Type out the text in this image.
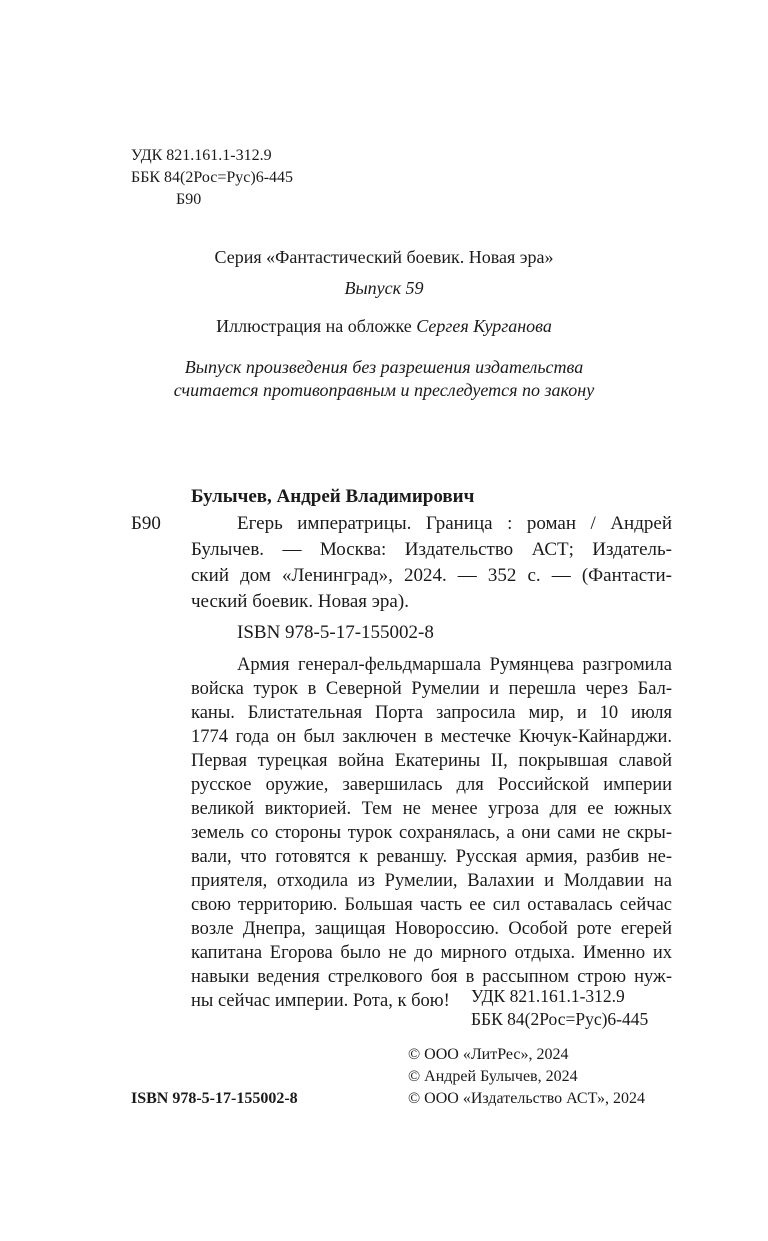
УДК 821.161.1-312.9
ББК 84(2Рос=Рус)6-445
Б90
Серия «Фантастический боевик. Новая эра»
Выпуск 59
Иллюстрация на обложке Сергея Курганова
Выпуск произведения без разрешения издательства
считается противоправным и преследуется по закону
Булычев, Андрей Владимирович
Б90	Егерь императрицы. Граница : роман / Андрей
Булычев. — Москва: Издательство АСТ; Издатель-
ский дом «Ленинград», 2024. — 352 с. — (Фантасти-
ческий боевик. Новая эра).
ISBN 978-5-17-155002-8
Армия генерал-фельдмаршала Румянцева разгромила
войска турок в Северной Румелии и перешла через Бал-
каны. Блистательная Порта запросила мир, и 10 июля
1774 года он был заключен в местечке Кючук-Кайнарджи.
Первая турецкая война Екатерины II, покрывшая славой
русское оружие, завершилась для Российской империи
великой викторией. Тем не менее угроза для ее южных
земель со стороны турок сохранялась, а они сами не скры-
вали, что готовятся к реваншу. Русская армия, разбив не-
приятеля, отходила из Румелии, Валахии и Молдавии на
свою территорию. Большая часть ее сил оставалась сейчас
возле Днепра, защищая Новороссию. Особой роте егерей
капитана Егорова было не до мирного отдыха. Именно их
навыки ведения стрелкового боя в рассыпном строю нуж-
ны сейчас империи. Рота, к бою!	УДК 821.161.1-312.9
ББК 84(2Рос=Рус)6-445
© ООО «ЛитРес», 2024
© Андрей Булычев, 2024
© ООО «Издательство АСТ», 2024
ISBN 978-5-17-155002-8
